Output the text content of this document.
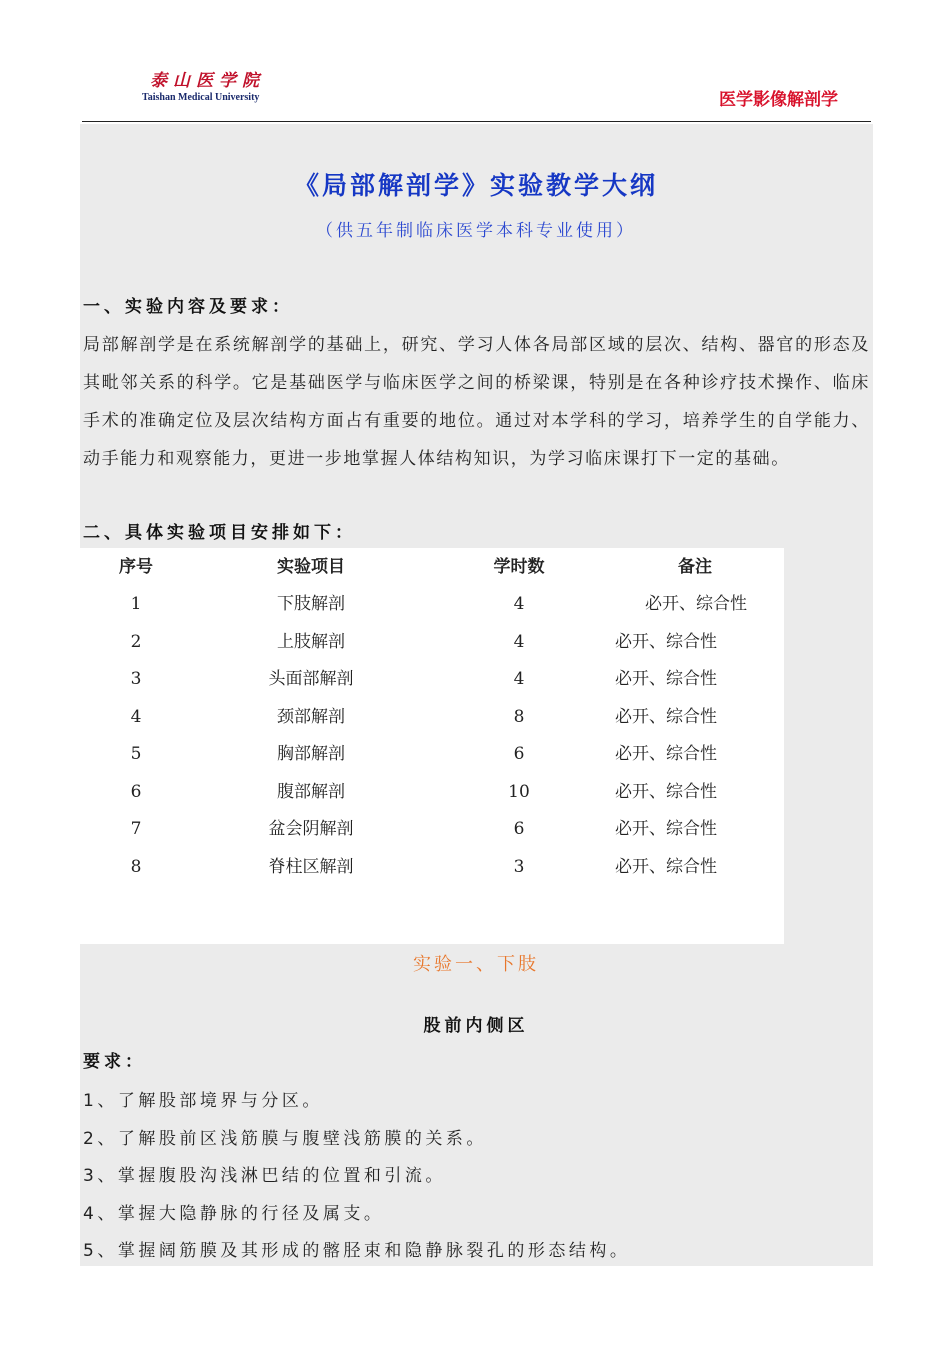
泰山医学院
Taishan Medical University	医学影像解剖学
《局部解剖学》实验教学大纲
（供五年制临床医学本科专业使用）
一、实验内容及要求：
局部解剖学是在系统解剖学的基础上，研究、学习人体各局部区域的层次、结构、器官的形态及其毗邻关系的科学。它是基础医学与临床医学之间的桥梁课，特别是在各种诊疗技术操作、临床手术的准确定位及层次结构方面占有重要的地位。通过对本学科的学习，培养学生的自学能力、动手能力和观察能力，更进一步地掌握人体结构知识，为学习临床课打下一定的基础。
二、具体实验项目安排如下：
序号	实验项目	学时数	备注
1	下肢解剖	4	必开、综合性
2	上肢解剖	4	必开、综合性
3	头面部解剖	4	必开、综合性
4	颈部解剖	8	必开、综合性
5	胸部解剖	6	必开、综合性
6	腹部解剖	10	必开、综合性
7	盆会阴解剖	6	必开、综合性
8	脊柱区解剖	3	必开、综合性
实验一、下肢
股前内侧区
要求：
1、了解股部境界与分区。
2、了解股前区浅筋膜与腹壁浅筋膜的关系。
3、掌握腹股沟浅淋巴结的位置和引流。
4、掌握大隐静脉的行径及属支。
5、掌握阔筋膜及其形成的髂胫束和隐静脉裂孔的形态结构。
